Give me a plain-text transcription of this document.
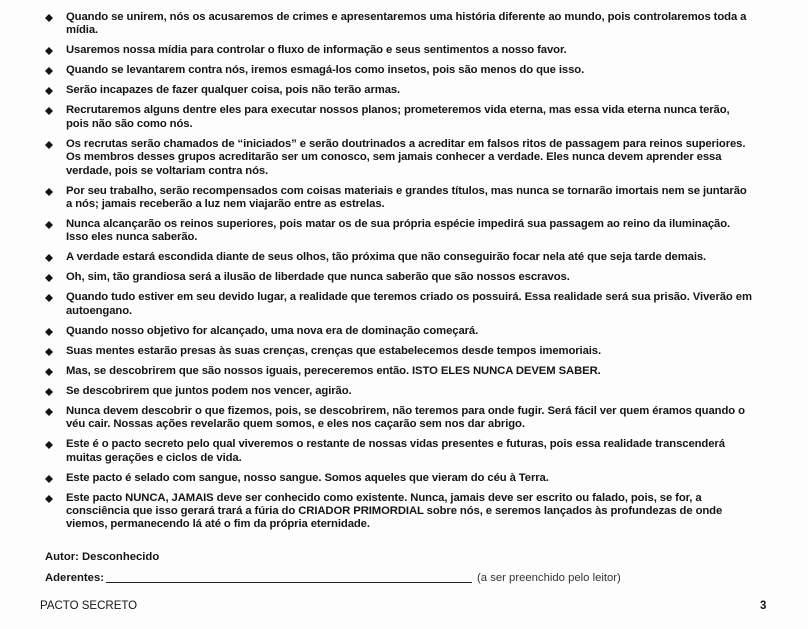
Quando se unirem, nós os acusaremos de crimes e apresentaremos uma história diferente ao mundo, pois controlaremos toda a mídia.
Usaremos nossa mídia para controlar o fluxo de informação e seus sentimentos a nosso favor.
Quando se levantarem contra nós, iremos esmagá-los como insetos, pois são menos do que isso.
Serão incapazes de fazer qualquer coisa, pois não terão armas.
Recrutaremos alguns dentre eles para executar nossos planos; prometeremos vida eterna, mas essa vida eterna nunca terão, pois não são como nós.
Os recrutas serão chamados de “iniciados” e serão doutrinados a acreditar em falsos ritos de passagem para reinos superiores. Os membros desses grupos acreditarão ser um conosco, sem jamais conhecer a verdade. Eles nunca devem aprender essa verdade, pois se voltariam contra nós.
Por seu trabalho, serão recompensados com coisas materiais e grandes títulos, mas nunca se tornarão imortais nem se juntarão a nós; jamais receberão a luz nem viajarão entre as estrelas.
Nunca alcançarão os reinos superiores, pois matar os de sua própria espécie impedirá sua passagem ao reino da iluminação. Isso eles nunca saberão.
A verdade estará escondida diante de seus olhos, tão próxima que não conseguirão focar nela até que seja tarde demais.
Oh, sim, tão grandiosa será a ilusão de liberdade que nunca saberão que são nossos escravos.
Quando tudo estiver em seu devido lugar, a realidade que teremos criado os possuirá. Essa realidade será sua prisão. Viverão em autoengano.
Quando nosso objetivo for alcançado, uma nova era de dominação começará.
Suas mentes estarão presas às suas crenças, crenças que estabelecemos desde tempos imemoriais.
Mas, se descobrirem que são nossos iguais, pereceremos então. ISTO ELES NUNCA DEVEM SABER.
Se descobrirem que juntos podem nos vencer, agirão.
Nunca devem descobrir o que fizemos, pois, se descobrirem, não teremos para onde fugir. Será fácil ver quem éramos quando o véu cair. Nossas ações revelarão quem somos, e eles nos caçarão sem nos dar abrigo.
Este é o pacto secreto pelo qual viveremos o restante de nossas vidas presentes e futuras, pois essa realidade transcenderá muitas gerações e ciclos de vida.
Este pacto é selado com sangue, nosso sangue. Somos aqueles que vieram do céu à Terra.
Este pacto NUNCA, JAMAIS deve ser conhecido como existente. Nunca, jamais deve ser escrito ou falado, pois, se for, a consciência que isso gerará trará a fúria do CRIADOR PRIMORDIAL sobre nós, e seremos lançados às profundezas de onde viemos, permanecendo lá até o fim da própria eternidade.
Autor: Desconhecido
Aderentes:	(a ser preenchido pelo leitor)
PACTO SECRETO	3
